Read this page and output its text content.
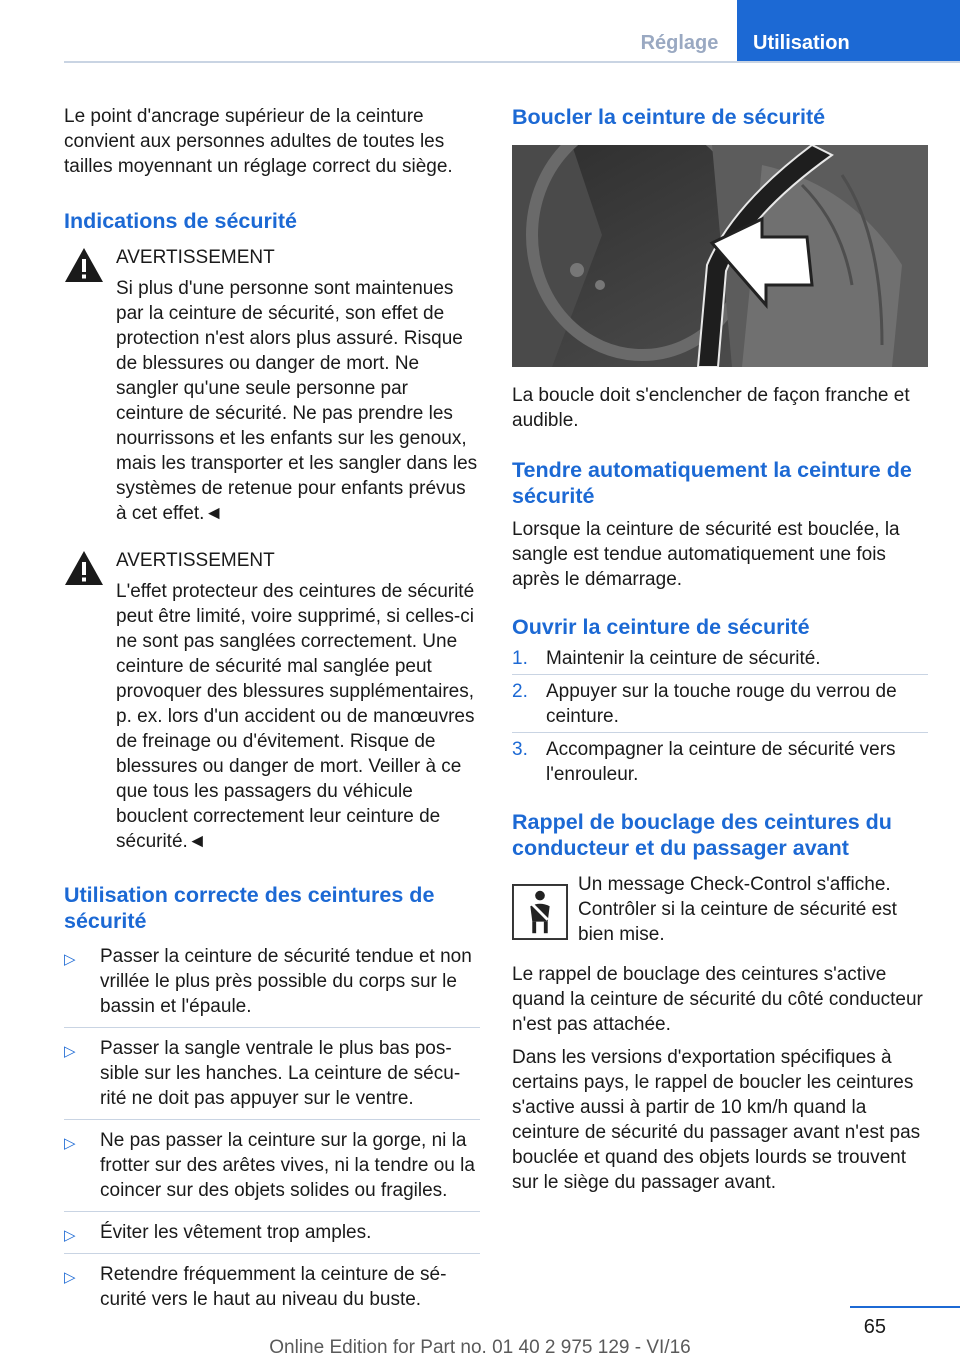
Réglage	Utilisation

Le point d'ancrage supérieur de la ceinture convient aux personnes adultes de toutes les tailles moyennant un réglage correct du siège.

Indications de sécurité
AVERTISSEMENT
Si plus d'une personne sont maintenues par la ceinture de sécurité, son effet de protection n'est alors plus assuré. Risque de blessures ou danger de mort. Ne sangler qu'une seule personne par ceinture de sécurité. Ne pas prendre les nourrissons et les enfants sur les genoux, mais les transporter et les sangler dans les systèmes de retenue pour enfants prévus à cet effet.◄
AVERTISSEMENT
L'effet protecteur des ceintures de sécurité peut être limité, voire supprimé, si celles-ci ne sont pas sanglées correctement. Une ceinture de sécurité mal sanglée peut provoquer des blessures supplémentaires, p. ex. lors d'un accident ou de manœuvres de freinage ou d'évitement. Risque de blessures ou danger de mort. Veiller à ce que tous les passagers du véhicule bouclent correctement leur ceinture de sécurité.◄
Utilisation correcte des ceintures de sécurité
▷ Passer la ceinture de sécurité tendue et non vrillée le plus près possible du corps sur le bassin et l'épaule.
▷ Passer la sangle ventrale le plus bas possible sur les hanches. La ceinture de sécurité ne doit pas appuyer sur le ventre.
▷ Ne pas passer la ceinture sur la gorge, ni la frotter sur des arêtes vives, ni la tendre ou la coincer sur des objets solides ou fragiles.
▷ Éviter les vêtement trop amples.
▷ Retendre fréquemment la ceinture de sécurité vers le haut au niveau du buste.
Boucler la ceinture de sécurité

La boucle doit s'enclencher de façon franche et audible.

Tendre automatiquement la ceinture de sécurité

Lorsque la ceinture de sécurité est bouclée, la sangle est tendue automatiquement une fois après le démarrage.

Ouvrir la ceinture de sécurité
1. Maintenir la ceinture de sécurité.
2. Appuyer sur la touche rouge du verrou de ceinture.
3. Accompagner la ceinture de sécurité vers l'enrouleur.
Rappel de bouclage des ceintures du conducteur et du passager avant
Un message Check-Control s'affiche. Contrôler si la ceinture de sécurité est bien mise.

Le rappel de bouclage des ceintures s'active quand la ceinture de sécurité du côté conducteur n'est pas attachée.

Dans les versions d'exportation spécifiques à certains pays, le rappel de boucler les ceintures s'active aussi à partir de 10 km/h quand la ceinture de sécurité du passager avant n'est pas bouclée et quand des objets lourds se trouvent sur le siège du passager avant.

65
Online Edition for Part no. 01 40 2 975 129 - VI/16
